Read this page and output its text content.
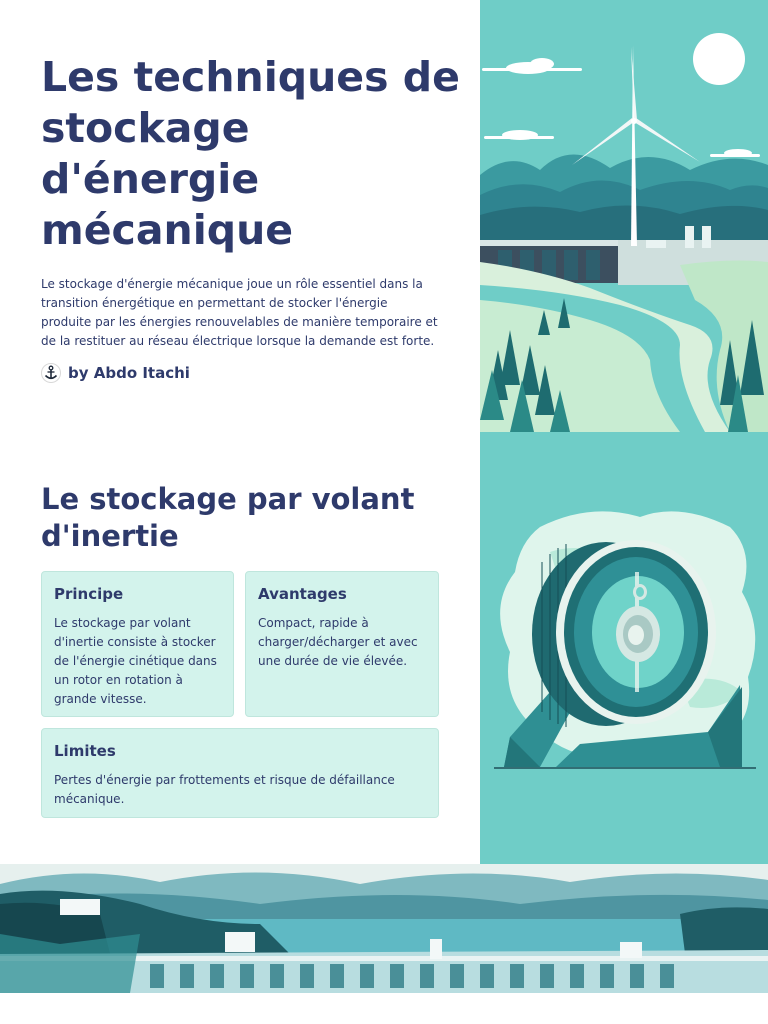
Les techniques de stockage d'énergie mécanique

Le stockage d'énergie mécanique joue un rôle essentiel dans la transition énergétique en permettant de stocker l'énergie produite par les énergies renouvelables de manière temporaire et de la restituer au réseau électrique lorsque la demande est forte.

by Abdo Itachi
Le stockage par volant d'inertie
Principe

Le stockage par volant d'inertie consiste à stocker de l'énergie cinétique dans un rotor en rotation à grande vitesse.

Avantages

Compact, rapide à charger/décharger et avec une durée de vie élevée.

Limites

Pertes d'énergie par frottements et risque de défaillance mécanique.
